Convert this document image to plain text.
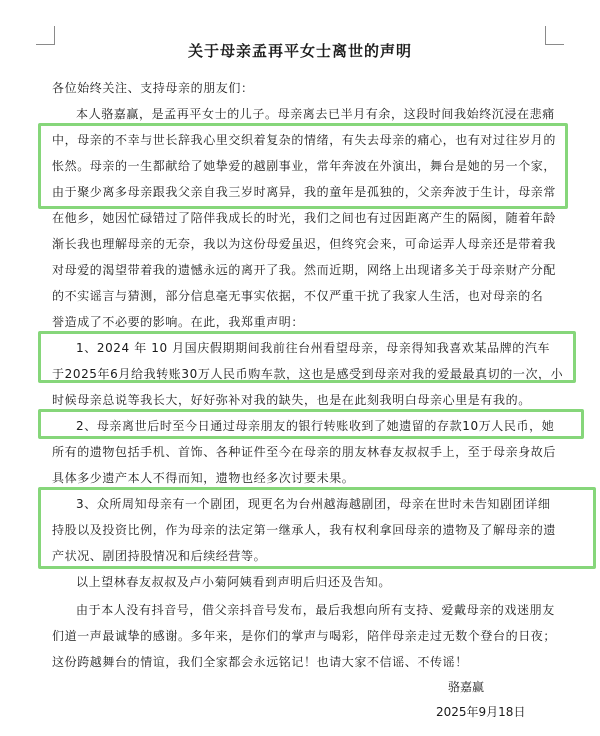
关于母亲孟再平女士离世的声明
各位始终关注、支持母亲的朋友们：
本人骆嘉赢，是孟再平女士的儿子。母亲离去已半月有余，这段时间我始终沉浸在悲痛
中，母亲的不幸与世长辞我心里交织着复杂的情绪，有失去母亲的痛心，也有对过往岁月的
怅然。母亲的一生都献给了她挚爱的越剧事业，常年奔波在外演出，舞台是她的另一个家，
由于聚少离多母亲跟我父亲自我三岁时离异，我的童年是孤独的，父亲奔波于生计，母亲常
在他乡，她因忙碌错过了陪伴我成长的时光，我们之间也有过因距离产生的隔阂，随着年龄
渐长我也理解母亲的无奈，我以为这份母爱虽迟，但终究会来，可命运弄人母亲还是带着我
对母爱的渴望带着我的遗憾永远的离开了我。然而近期，网络上出现诸多关于母亲财产分配
的不实谣言与猜测，部分信息毫无事实依据，不仅严重干扰了我家人生活，也对母亲的名
誉造成了不必要的影响。在此，我郑重声明：
1、2024 年 10 月国庆假期期间我前往台州看望母亲，母亲得知我喜欢某品牌的汽车
于2025年6月给我转账30万人民币购车款，这也是感受到母亲对我的爱最最真切的一次，小
时候母亲总说等我长大，好好弥补对我的缺失，也是在此刻我明白母亲心里是有我的。
2、母亲离世后时至今日通过母亲朋友的银行转账收到了她遗留的存款10万人民币，她
所有的遗物包括手机、首饰、各种证件至今在母亲的朋友林春友叔叔手上，至于母亲身故后
具体多少遗产本人不得而知，遗物也经多次讨要未果。
3、众所周知母亲有一个剧团，现更名为台州越海越剧团，母亲在世时未告知剧团详细
持股以及投资比例，作为母亲的法定第一继承人，我有权利拿回母亲的遗物及了解母亲的遗
产状况、剧团持股情况和后续经营等。
以上望林春友叔叔及卢小菊阿姨看到声明后归还及告知。
由于本人没有抖音号，借父亲抖音号发布，最后我想向所有支持、爱戴母亲的戏迷朋友
们道一声最诚挚的感谢。多年来，是你们的掌声与喝彩，陪伴母亲走过无数个登台的日夜；
这份跨越舞台的情谊，我们全家都会永远铭记！也请大家不信谣、不传谣！
骆嘉赢
2025年9月18日
